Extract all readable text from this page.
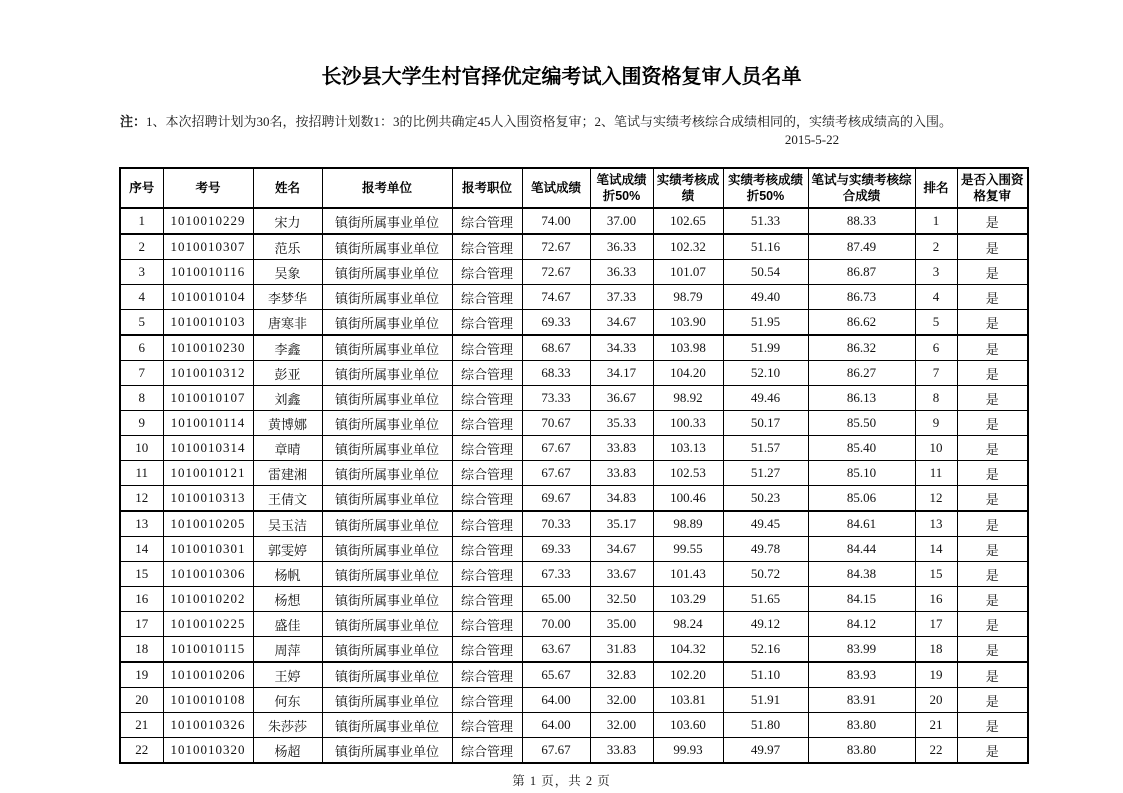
长沙县大学生村官择优定编考试入围资格复审人员名单
注：1、本次招聘计划为30名，按招聘计划数1：3的比例共确定45人入围资格复审；2、笔试与实绩考核综合成绩相同的，实绩考核成绩高的入围。
2015-5-22
序号	考号	姓名	报考单位	报考职位	笔试成绩	笔试成绩折50%	实绩考核成绩	实绩考核成绩折50%	笔试与实绩考核综合成绩	排名	是否入围资格复审
1	1010010229	宋力	镇街所属事业单位	综合管理	74.00	37.00	102.65	51.33	88.33	1	是
2	1010010307	范乐	镇街所属事业单位	综合管理	72.67	36.33	102.32	51.16	87.49	2	是
3	1010010116	吴象	镇街所属事业单位	综合管理	72.67	36.33	101.07	50.54	86.87	3	是
4	1010010104	李梦华	镇街所属事业单位	综合管理	74.67	37.33	98.79	49.40	86.73	4	是
5	1010010103	唐寒非	镇街所属事业单位	综合管理	69.33	34.67	103.90	51.95	86.62	5	是
6	1010010230	李鑫	镇街所属事业单位	综合管理	68.67	34.33	103.98	51.99	86.32	6	是
7	1010010312	彭亚	镇街所属事业单位	综合管理	68.33	34.17	104.20	52.10	86.27	7	是
8	1010010107	刘鑫	镇街所属事业单位	综合管理	73.33	36.67	98.92	49.46	86.13	8	是
9	1010010114	黄博娜	镇街所属事业单位	综合管理	70.67	35.33	100.33	50.17	85.50	9	是
10	1010010314	章晴	镇街所属事业单位	综合管理	67.67	33.83	103.13	51.57	85.40	10	是
11	1010010121	雷建湘	镇街所属事业单位	综合管理	67.67	33.83	102.53	51.27	85.10	11	是
12	1010010313	王倩文	镇街所属事业单位	综合管理	69.67	34.83	100.46	50.23	85.06	12	是
13	1010010205	吴玉洁	镇街所属事业单位	综合管理	70.33	35.17	98.89	49.45	84.61	13	是
14	1010010301	郭雯婷	镇街所属事业单位	综合管理	69.33	34.67	99.55	49.78	84.44	14	是
15	1010010306	杨帆	镇街所属事业单位	综合管理	67.33	33.67	101.43	50.72	84.38	15	是
16	1010010202	杨想	镇街所属事业单位	综合管理	65.00	32.50	103.29	51.65	84.15	16	是
17	1010010225	盛佳	镇街所属事业单位	综合管理	70.00	35.00	98.24	49.12	84.12	17	是
18	1010010115	周萍	镇街所属事业单位	综合管理	63.67	31.83	104.32	52.16	83.99	18	是
19	1010010206	王婷	镇街所属事业单位	综合管理	65.67	32.83	102.20	51.10	83.93	19	是
20	1010010108	何东	镇街所属事业单位	综合管理	64.00	32.00	103.81	51.91	83.91	20	是
21	1010010326	朱莎莎	镇街所属事业单位	综合管理	64.00	32.00	103.60	51.80	83.80	21	是
22	1010010320	杨超	镇街所属事业单位	综合管理	67.67	33.83	99.93	49.97	83.80	22	是
第 1 页，共 2 页
